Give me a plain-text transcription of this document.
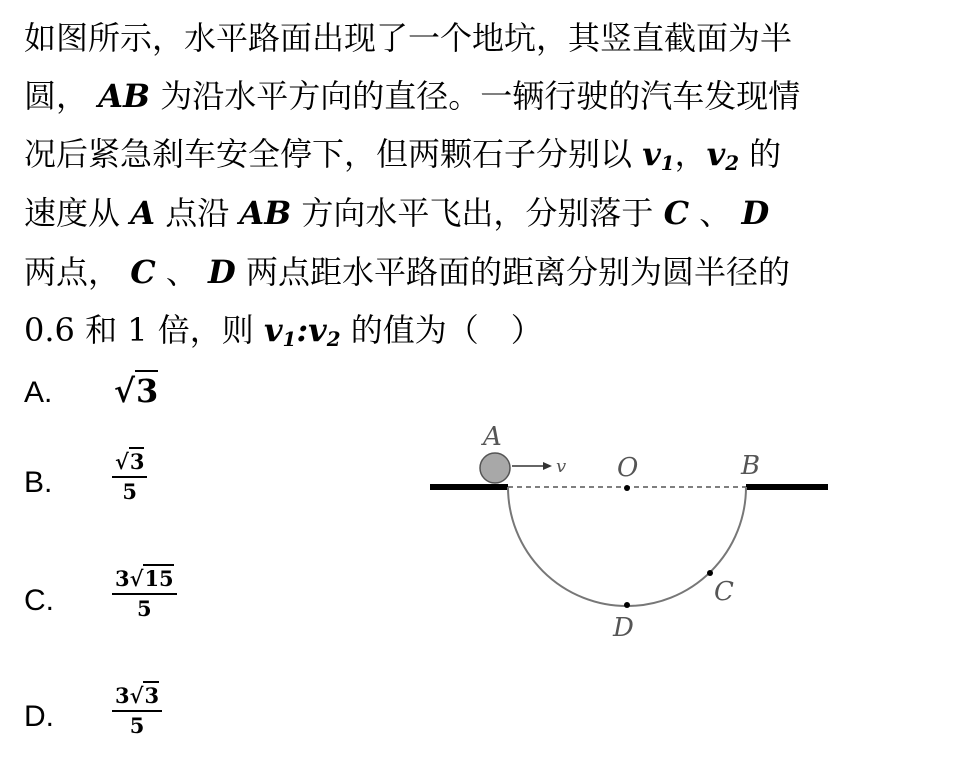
如图所示，水平路面出现了一个地坑，其竖直截面为半
圆， AB 为沿水平方向的直径。一辆行驶的汽车发现情
况后紧急刹车安全停下，但两颗石子分别以 $v_1$，$v_2$ 的
速度从 A 点沿 AB 方向水平飞出，分别落于 C 、 D
两点， C 、 D 两点距水平路面的距离分别为圆半径的
0.6 和 1 倍，则 $v_1:v_2$ 的值为（　）
A. √3
B.	$\frac{√3}{5}$
C.	$\frac{3√15}{5}$
D.	$\frac{3√3}{5}$
A
v O	B
C
D
